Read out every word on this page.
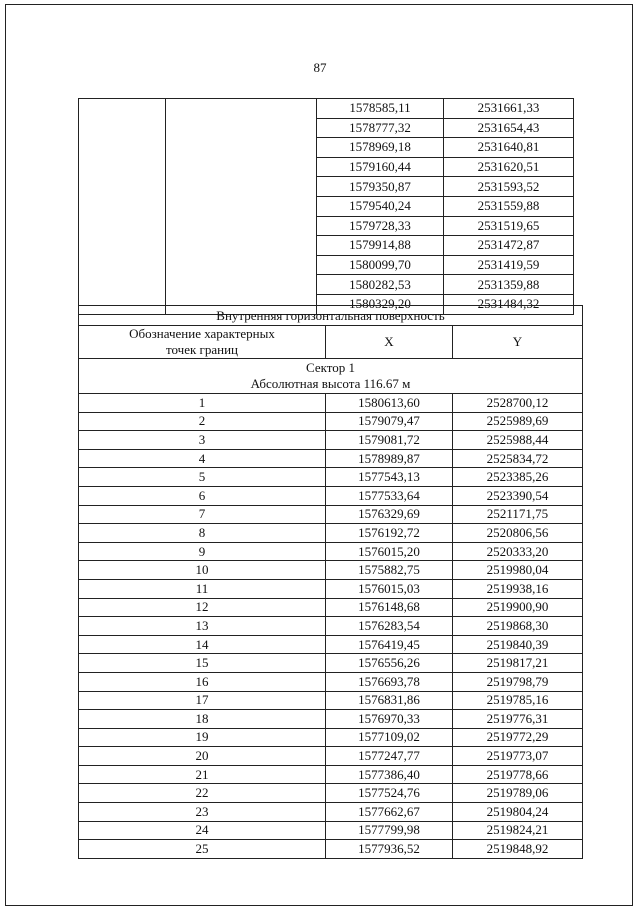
87
		1578585,11	2531661,33
		1578777,32	2531654,43
		1578969,18	2531640,81
		1579160,44	2531620,51
		1579350,87	2531593,52
		1579540,24	2531559,88
		1579728,33	2531519,65
		1579914,88	2531472,87
		1580099,70	2531419,59
		1580282,53	2531359,88
		1580329,20	2531484,32
Внутренняя горизонтальная поверхность		
Обозначение характерных точек границ	X	Y

Сектор 1
Абсолютная высота 116.67 м		

1	1580613,60	2528700,12
2	1579079,47	2525989,69
3	1579081,72	2525988,44
4	1578989,87	2525834,72
5	1577543,13	2523385,26
6	1577533,64	2523390,54
7	1576329,69	2521171,75
8	1576192,72	2520806,56
9	1576015,20	2520333,20
10	1575882,75	2519980,04
11	1576015,03	2519938,16
12	1576148,68	2519900,90
13	1576283,54	2519868,30
14	1576419,45	2519840,39
15	1576556,26	2519817,21
16	1576693,78	2519798,79
17	1576831,86	2519785,16
18	1576970,33	2519776,31
19	1577109,02	2519772,29
20	1577247,77	2519773,07
21	1577386,40	2519778,66
22	1577524,76	2519789,06
23	1577662,67	2519804,24
24	1577799,98	2519824,21
25	1577936,52	2519848,92
